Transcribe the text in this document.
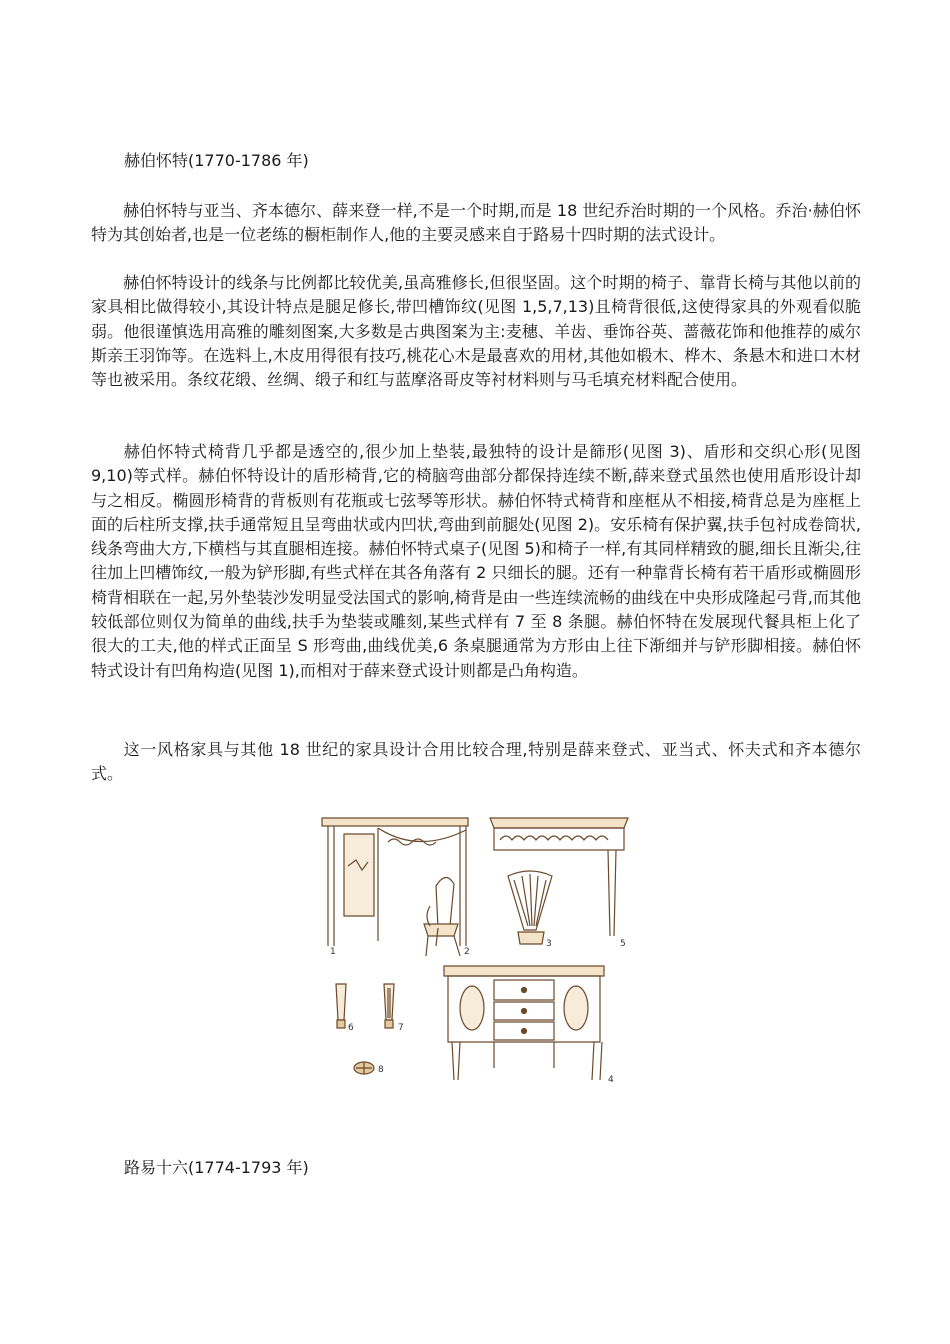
赫伯怀特(1770-1786 年)

赫伯怀特与亚当、齐本德尔、薛来登一样,不是一个时期,而是 18 世纪乔治时期的一个风格。乔治·赫伯怀特为其创始者,也是一位老练的橱柜制作人,他的主要灵感来自于路易十四时期的法式设计。

赫伯怀特设计的线条与比例都比较优美,虽高雅修长,但很坚固。这个时期的椅子、靠背长椅与其他以前的家具相比做得较小,其设计特点是腿足修长,带凹槽饰纹(见图 1,5,7,13)且椅背很低,这使得家具的外观看似脆弱。他很谨慎选用高雅的雕刻图案,大多数是古典图案为主:麦穗、羊齿、垂饰谷英、蔷薇花饰和他推荐的威尔斯亲王羽饰等。在选料上,木皮用得很有技巧,桃花心木是最喜欢的用材,其他如椴木、桦木、条悬木和进口木材等也被采用。条纹花缎、丝绸、缎子和红与蓝摩洛哥皮等衬材料则与马毛填充材料配合使用。

赫伯怀特式椅背几乎都是透空的,很少加上垫装,最独特的设计是篩形(见图 3)、盾形和交织心形(见图 9,10)等式样。赫伯怀特设计的盾形椅背,它的椅脑弯曲部分都保持连续不断,薛来登式虽然也使用盾形设计却与之相反。椭圆形椅背的背板则有花瓶或七弦琴等形状。赫伯怀特式椅背和座框从不相接,椅背总是为座框上面的后柱所支撑,扶手通常短且呈弯曲状或内凹状,弯曲到前腿处(见图 2)。安乐椅有保护翼,扶手包衬成卷筒状,线条弯曲大方,下横档与其直腿相连接。赫伯怀特式桌子(见图 5)和椅子一样,有其同样精致的腿,细长且渐尖,往往加上凹槽饰纹,一般为铲形脚,有些式样在其各角落有 2 只细长的腿。还有一种靠背长椅有若干盾形或椭圆形椅背相联在一起,另外垫装沙发明显受法国式的影响,椅背是由一些连续流畅的曲线在中央形成隆起弓背,而其他较低部位则仅为简单的曲线,扶手为垫装或雕刻,某些式样有 7 至 8 条腿。赫伯怀特在发展现代餐具柜上化了很大的工夫,他的样式正面呈 S 形弯曲,曲线优美,6 条桌腿通常为方形由上往下渐细并与铲形脚相接。赫伯怀特式设计有凹角构造(见图 1),而相对于薛来登式设计则都是凸角构造。

这一风格家具与其他 18 世纪的家具设计合用比较合理,特别是薛来登式、亚当式、怀夫式和齐本德尔式。

1	2
3	5
6	7
8
4
路易十六(1774-1793 年)
